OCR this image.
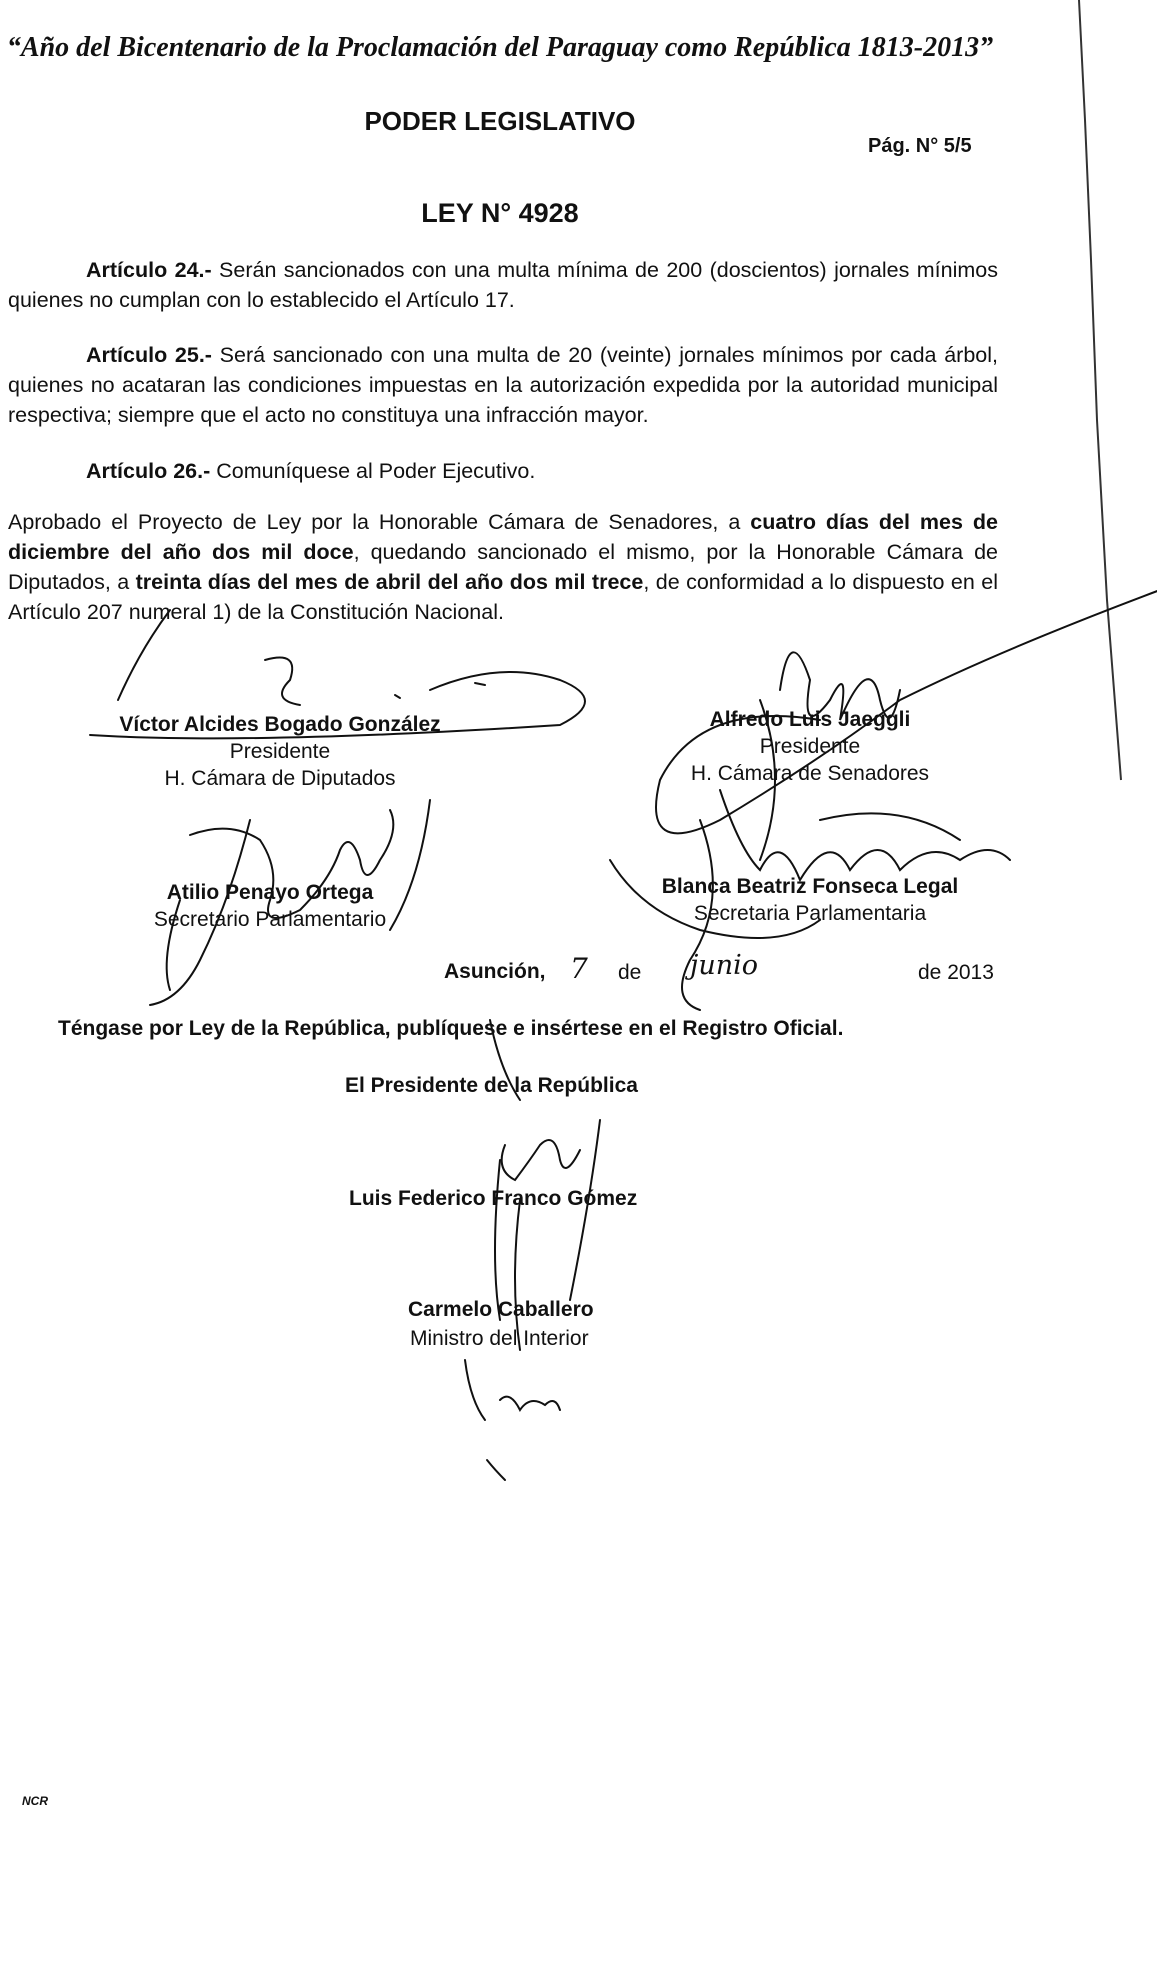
“Año del Bicentenario de la Proclamación del Paraguay como República 1813-2013”
PODER LEGISLATIVO
Pág. N° 5/5
LEY N° 4928
Artículo 24.- Serán sancionados con una multa mínima de 200 (doscientos) jornales mínimos quienes no cumplan con lo establecido el Artículo 17.
Artículo 25.- Será sancionado con una multa de 20 (veinte) jornales mínimos por cada árbol, quienes no acataran las condiciones impuestas en la autorización expedida por la autoridad municipal respectiva; siempre que el acto no constituya una infracción mayor.
Artículo 26.- Comuníquese al Poder Ejecutivo.
Aprobado el Proyecto de Ley por la Honorable Cámara de Senadores, a cuatro días del mes de diciembre del año dos mil doce, quedando sancionado el mismo, por la Honorable Cámara de Diputados, a treinta días del mes de abril del año dos mil trece, de conformidad a lo dispuesto en el Artículo 207 numeral 1) de la Constitución Nacional.
Víctor Alcides Bogado González
Presidente
H. Cámara de Diputados
Alfredo Luis Jaeggli
Presidente
H. Cámara de Senadores
Atilio Penayo Ortega
Secretario Parlamentario
Blanca Beatriz Fonseca Legal
Secretaria Parlamentaria
Asunción, 7 de junio	de 2013
Téngase por Ley de la República, publíquese e insértese en el Registro Oficial.
El Presidente de la República
Luis Federico Franco Gómez
Carmelo Caballero
Ministro del Interior
NCR
